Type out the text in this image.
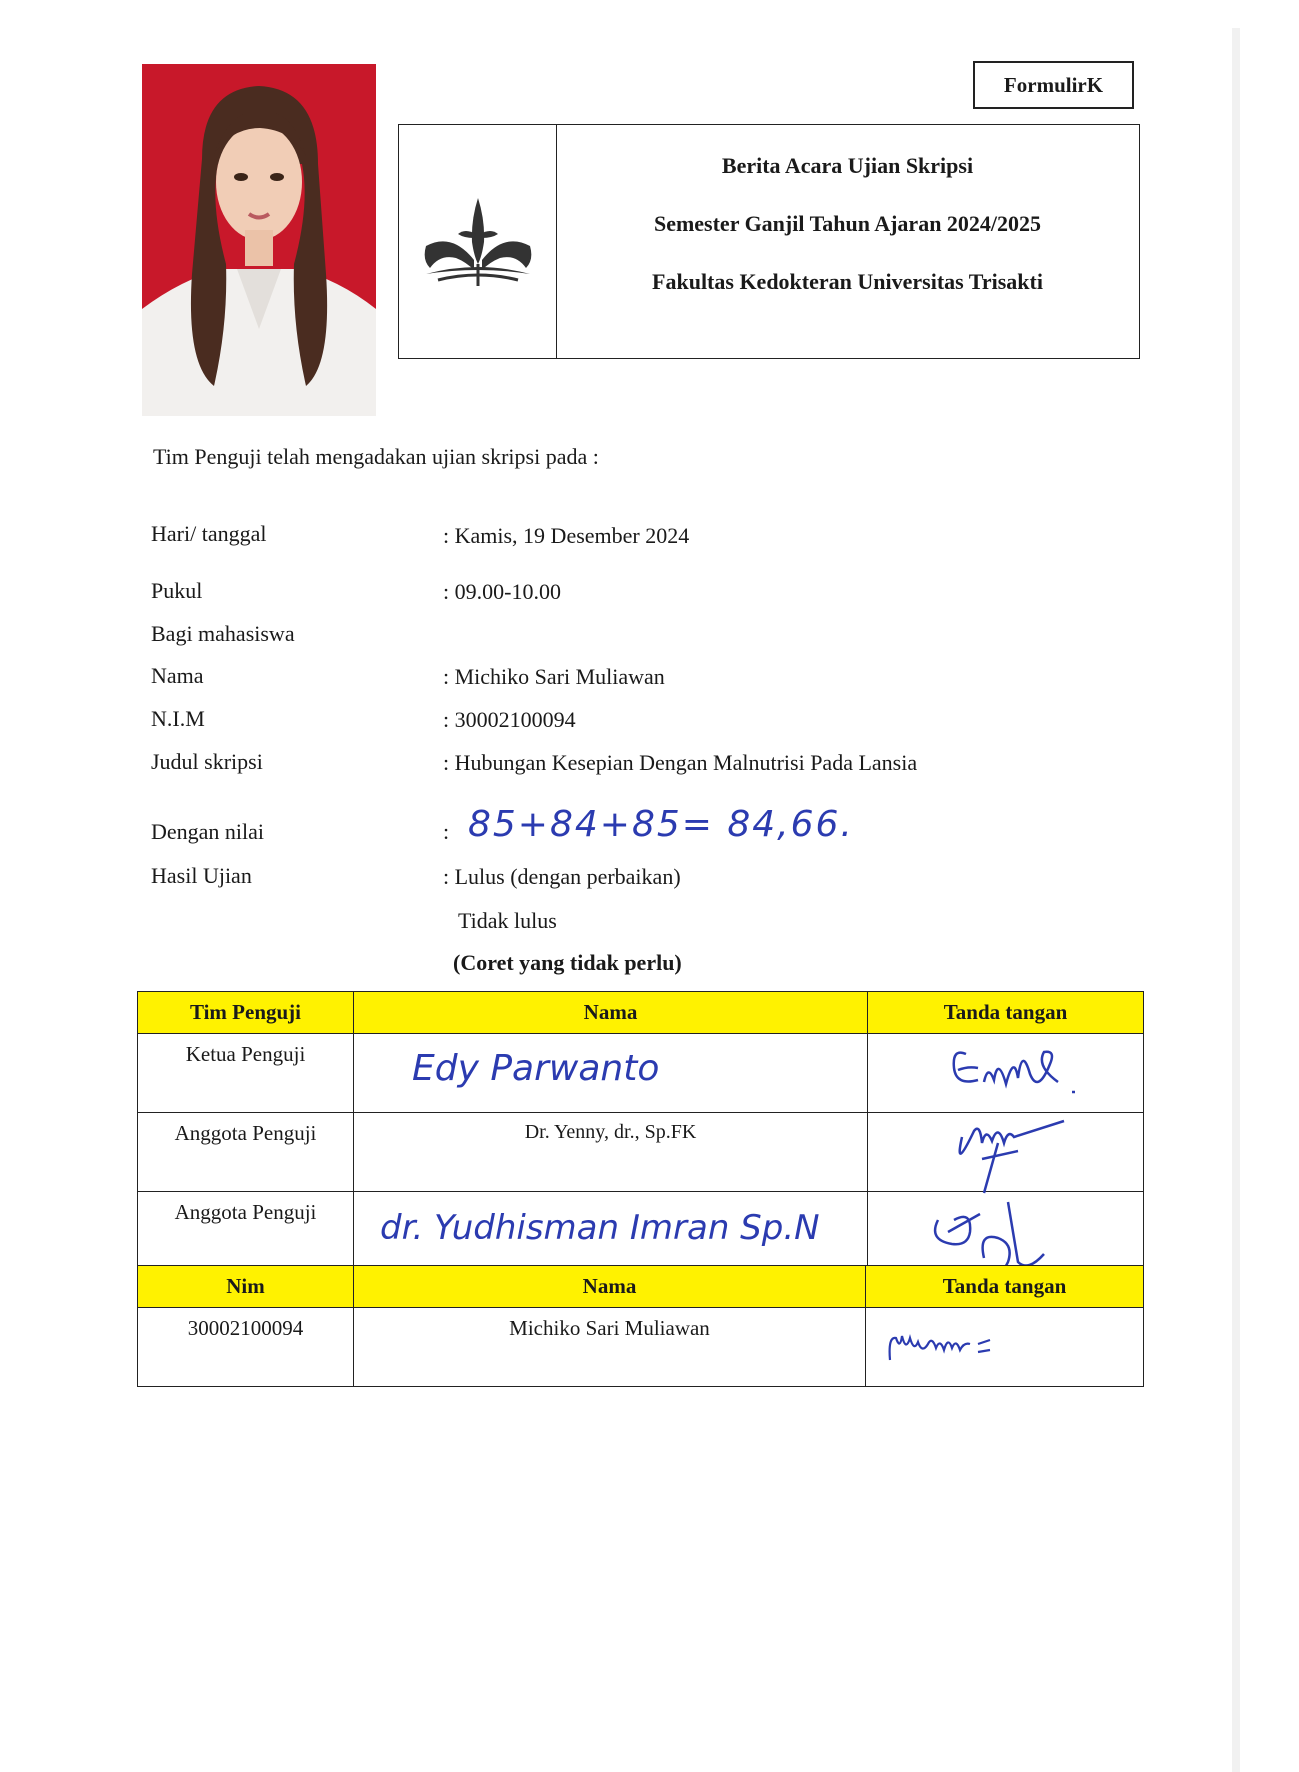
FormulirK
Berita Acara Ujian Skripsi
Semester Ganjil Tahun Ajaran 2024/2025
Fakultas Kedokteran Universitas Trisakti
Tim Penguji telah mengadakan ujian skripsi pada :
Hari/ tanggal	: Kamis, 19 Desember 2024
Pukul	: 09.00-10.00
Bagi mahasiswa
Nama	: Michiko Sari Muliawan
N.I.M	: 30002100094
Judul skripsi	: Hubungan Kesepian Dengan Malnutrisi Pada Lansia
Dengan nilai	: 85+84+85= 84,66.
Hasil Ujian	: Lulus (dengan perbaikan)
Tidak lulus
(Coret yang tidak perlu)
Tim Penguji	Nama	Tanda tangan

Ketua Penguji	Edy Parwanto

Anggota Penguji	Dr. Yenny, dr., Sp.FK

Anggota Penguji	dr. Yudhisman Imran Sp.N

Nim	Nama	Tanda tangan

30002100094	Michiko Sari Muliawan
